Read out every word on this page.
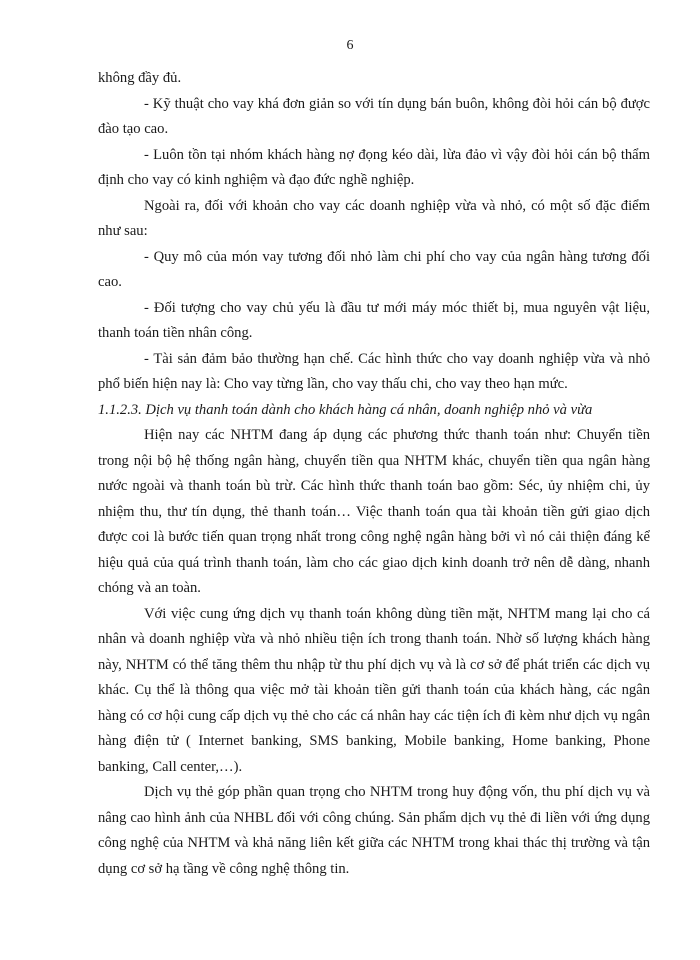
6

không đầy đủ.

- Kỹ thuật cho vay khá đơn giản so với tín dụng bán buôn, không đòi hỏi cán bộ được đào tạo cao.

- Luôn tồn tại nhóm khách hàng nợ đọng kéo dài, lừa đảo vì vậy đòi hỏi cán bộ thẩm định cho vay có kinh nghiệm và đạo đức nghề nghiệp.

Ngoài ra, đối với khoản cho vay các doanh nghiệp vừa và nhỏ, có một số đặc điểm như sau:

- Quy mô của món vay tương đối nhỏ làm chi phí cho vay của ngân hàng tương đối cao.

- Đối tượng cho vay chủ yếu là đầu tư mới máy móc thiết bị, mua nguyên vật liệu, thanh toán tiền nhân công.

- Tài sản đảm bảo thường hạn chế. Các hình thức cho vay doanh nghiệp vừa và nhỏ phổ biến hiện nay là: Cho vay từng lần, cho vay thấu chi, cho vay theo hạn mức.

1.1.2.3. Dịch vụ thanh toán dành cho khách hàng cá nhân, doanh nghiệp nhỏ và vừa

Hiện nay các NHTM đang áp dụng các phương thức thanh toán như: Chuyển tiền trong nội bộ hệ thống ngân hàng, chuyển tiền qua NHTM khác, chuyển tiền qua ngân hàng nước ngoài và thanh toán bù trừ. Các hình thức thanh toán bao gồm: Séc, ủy nhiệm chi, ủy nhiệm thu, thư tín dụng, thẻ thanh toán… Việc thanh toán qua tài khoản tiền gửi giao dịch được coi là bước tiến quan trọng nhất trong công nghệ ngân hàng bởi vì nó cải thiện đáng kể hiệu quả của quá trình thanh toán, làm cho các giao dịch kinh doanh trở nên dễ dàng, nhanh chóng và an toàn.

Với việc cung ứng dịch vụ thanh toán không dùng tiền mặt, NHTM mang lại cho cá nhân và doanh nghiệp vừa và nhỏ nhiều tiện ích trong thanh toán. Nhờ số lượng khách hàng này, NHTM có thể tăng thêm thu nhập từ thu phí dịch vụ và là cơ sở để phát triển các dịch vụ khác. Cụ thể là thông qua việc mở tài khoản tiền gửi thanh toán của khách hàng, các ngân hàng có cơ hội cung cấp dịch vụ thẻ cho các cá nhân hay các tiện ích đi kèm như dịch vụ ngân hàng điện tử ( Internet banking, SMS banking, Mobile banking, Home banking, Phone banking, Call center,…).

Dịch vụ thẻ góp phần quan trọng cho NHTM trong huy động vốn, thu phí dịch vụ và nâng cao hình ảnh của NHBL đối với công chúng. Sản phẩm dịch vụ thẻ đi liền với ứng dụng công nghệ của NHTM và khả năng liên kết giữa các NHTM trong khai thác thị trường và tận dụng cơ sở hạ tầng về công nghệ thông tin.
